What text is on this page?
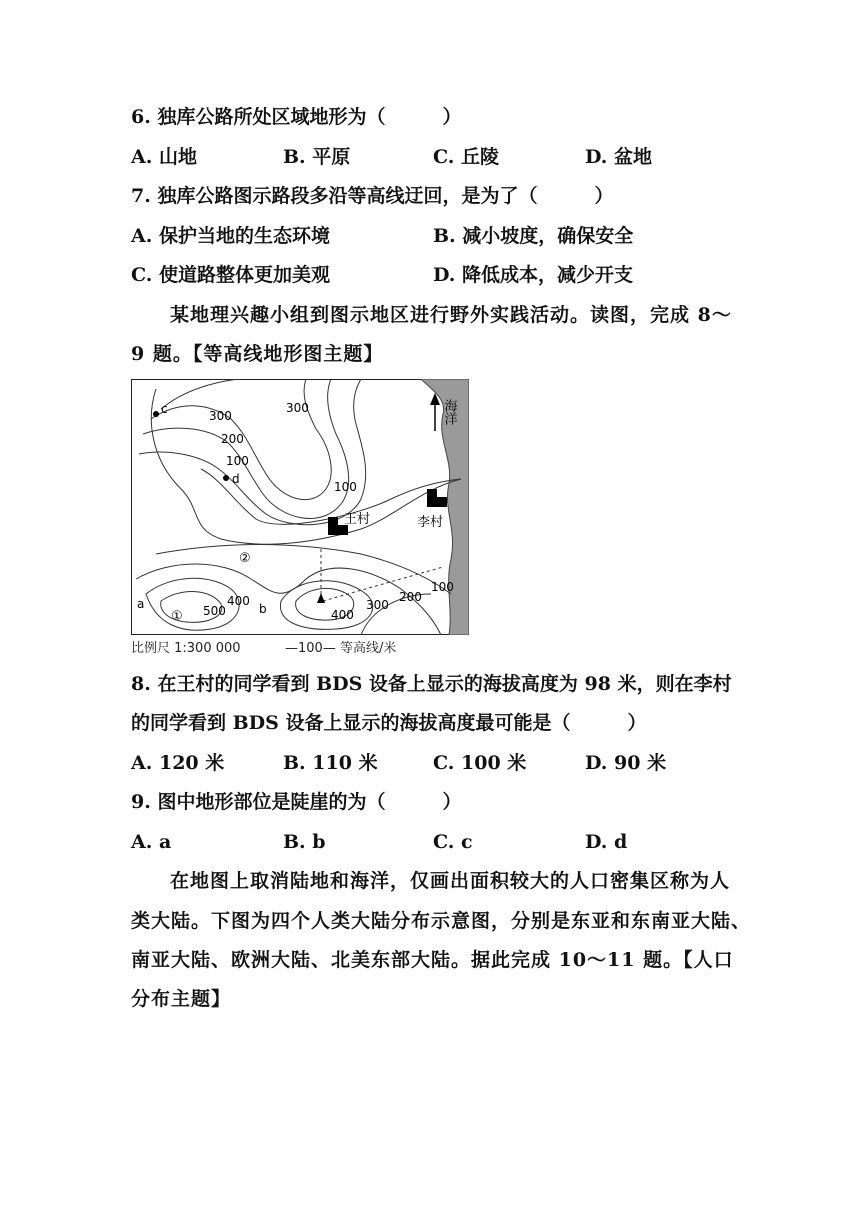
6. 独库公路所处区域地形为（　　　）
A. 山地	B. 平原	C. 丘陵	D. 盆地
7. 独库公路图示路段多沿等高线迂回，是为了（　　　）
A. 保护当地的生态环境	B. 减小坡度，确保安全
C. 使道路整体更加美观	D. 降低成本，减少开支
某地理兴趣小组到图示地区进行野外实践活动。读图，完成 8～
9 题。【等高线地形图主题】
海洋
300
300
200
100
100
100
500
400
400
300
200
c
d
a	b
①
②
王村	李村
比例尺 1:300 000	—100— 等高线/米
8. 在王村的同学看到 BDS 设备上显示的海拔高度为 98 米，则在李村
的同学看到 BDS 设备上显示的海拔高度最可能是（　　　）
A. 120 米	B. 110 米	C. 100 米	D. 90 米
9. 图中地形部位是陡崖的为（　　　）
A. a	B. b	C. c	D. d
在地图上取消陆地和海洋，仅画出面积较大的人口密集区称为人
类大陆。下图为四个人类大陆分布示意图，分别是东亚和东南亚大陆、
南亚大陆、欧洲大陆、北美东部大陆。据此完成 10～11 题。【人口
分布主题】
